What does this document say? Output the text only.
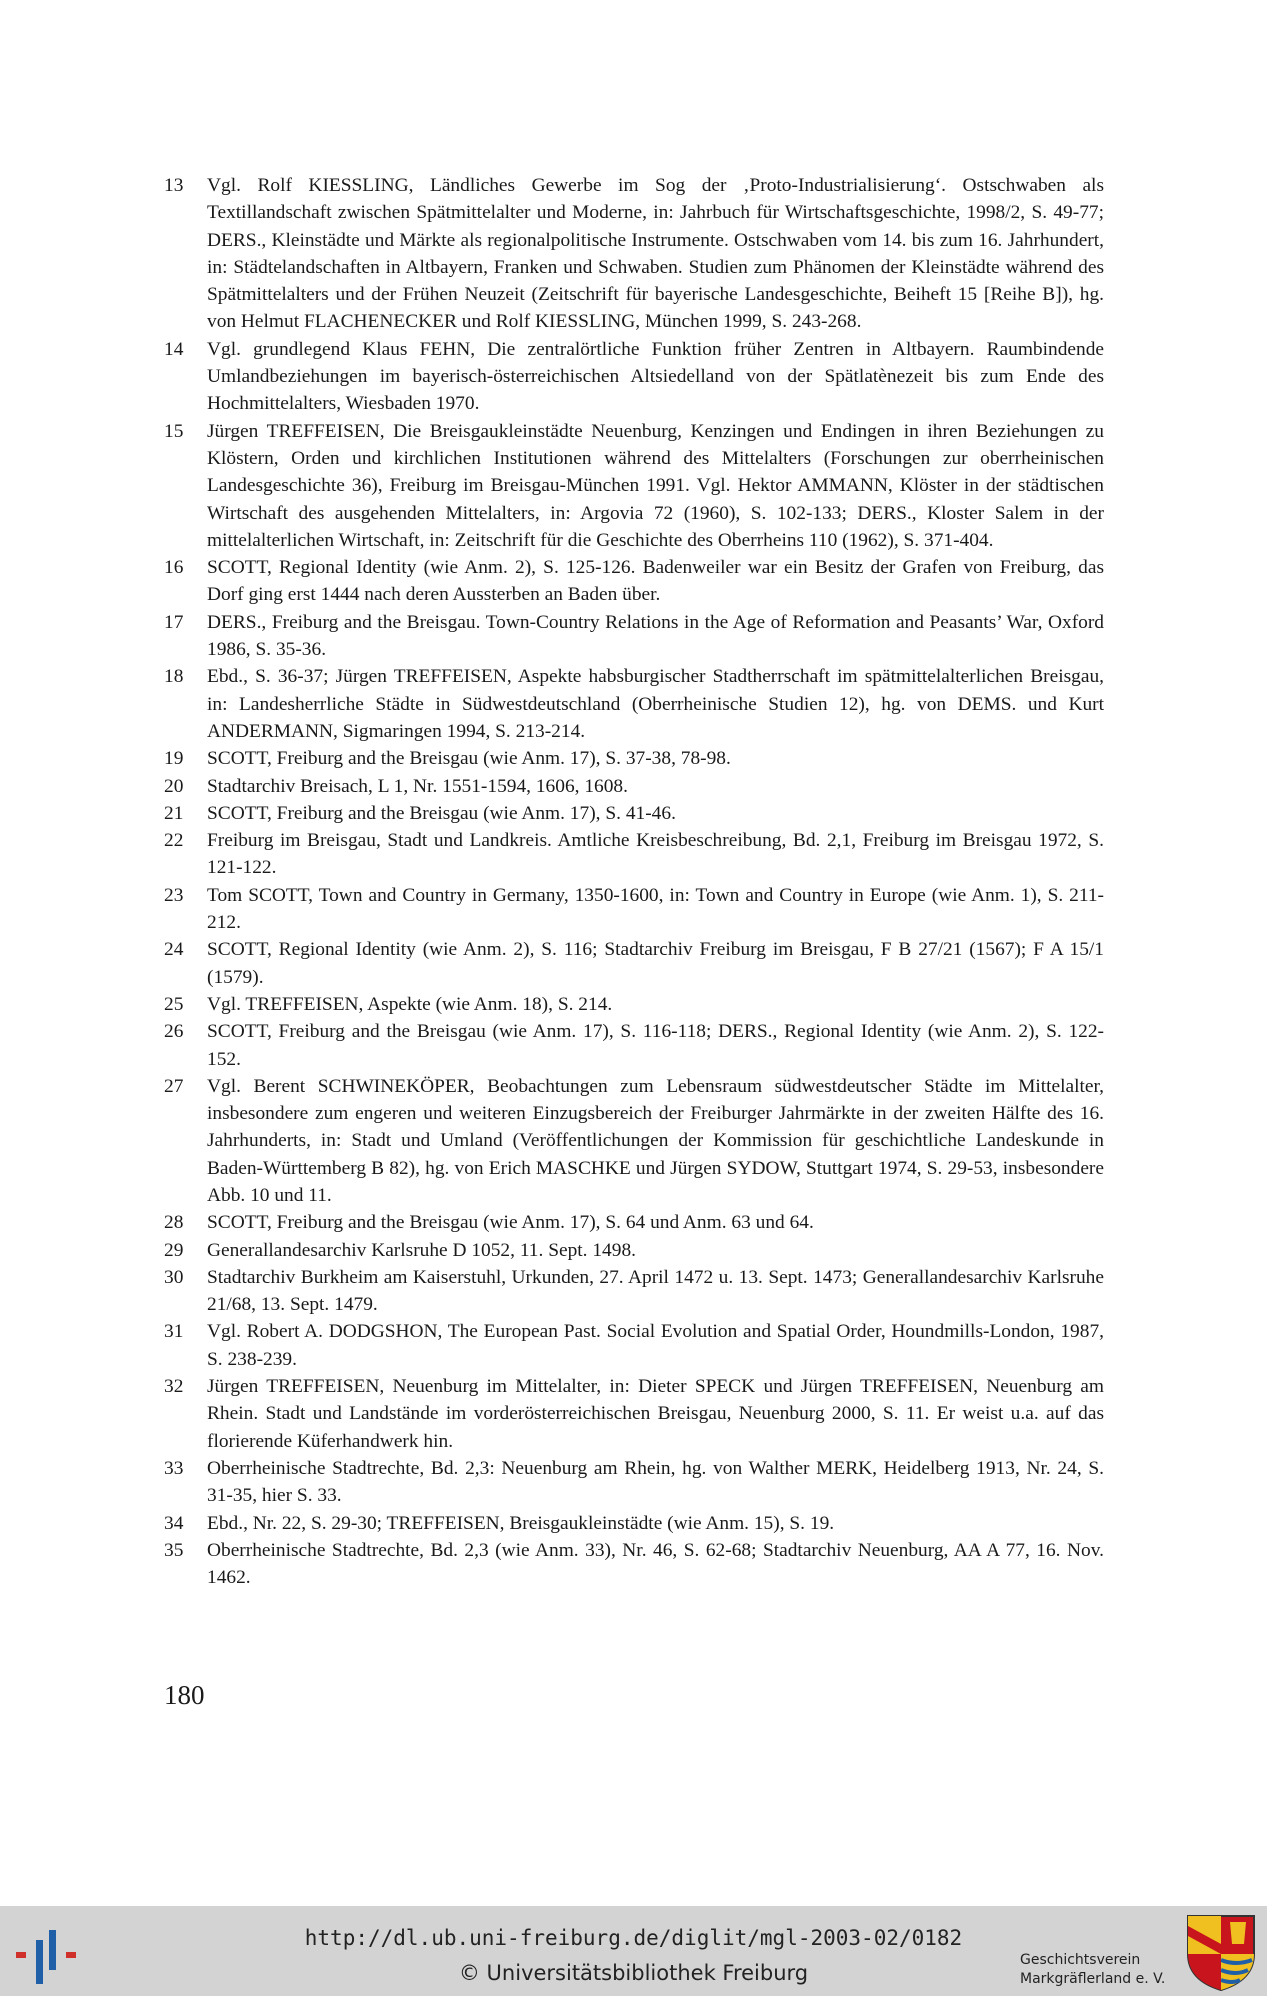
13 Vgl. Rolf KIESSLING, Ländliches Gewerbe im Sog der ‚Proto-Industrialisierung‘. Ostschwaben als Textillandschaft zwischen Spätmittelalter und Moderne, in: Jahrbuch für Wirtschaftsgeschichte, 1998/2, S. 49-77; DERS., Kleinstädte und Märkte als regionalpolitische Instrumente. Ostschwaben vom 14. bis zum 16. Jahrhundert, in: Städtelandschaften in Altbayern, Franken und Schwaben. Studien zum Phänomen der Kleinstädte während des Spätmittelalters und der Frühen Neuzeit (Zeitschrift für bayerische Landesgeschichte, Beiheft 15 [Reihe B]), hg. von Helmut FLACHENECKER und Rolf KIESSLING, München 1999, S. 243-268.
14 Vgl. grundlegend Klaus FEHN, Die zentralörtliche Funktion früher Zentren in Altbayern. Raumbindende Umlandbeziehungen im bayerisch-österreichischen Altsiedelland von der Spätlatènezeit bis zum Ende des Hochmittelalters, Wiesbaden 1970.
15 Jürgen TREFFEISEN, Die Breisgaukleinstädte Neuenburg, Kenzingen und Endingen in ihren Beziehungen zu Klöstern, Orden und kirchlichen Institutionen während des Mittelalters (Forschungen zur oberrheinischen Landesgeschichte 36), Freiburg im Breisgau-München 1991. Vgl. Hektor AMMANN, Klöster in der städtischen Wirtschaft des ausgehenden Mittelalters, in: Argovia 72 (1960), S. 102-133; DERS., Kloster Salem in der mittelalterlichen Wirtschaft, in: Zeitschrift für die Geschichte des Oberrheins 110 (1962), S. 371-404.
16 SCOTT, Regional Identity (wie Anm. 2), S. 125-126. Badenweiler war ein Besitz der Grafen von Freiburg, das Dorf ging erst 1444 nach deren Aussterben an Baden über.
17 DERS., Freiburg and the Breisgau. Town-Country Relations in the Age of Reformation and Peasants’ War, Oxford 1986, S. 35-36.
18 Ebd., S. 36-37; Jürgen TREFFEISEN, Aspekte habsburgischer Stadtherrschaft im spätmittelalterlichen Breisgau, in: Landesherrliche Städte in Südwestdeutschland (Oberrheinische Studien 12), hg. von DEMS. und Kurt ANDERMANN, Sigmaringen 1994, S. 213-214.
19 SCOTT, Freiburg and the Breisgau (wie Anm. 17), S. 37-38, 78-98.
20 Stadtarchiv Breisach, L 1, Nr. 1551-1594, 1606, 1608.
21 SCOTT, Freiburg and the Breisgau (wie Anm. 17), S. 41-46.
22 Freiburg im Breisgau, Stadt und Landkreis. Amtliche Kreisbeschreibung, Bd. 2,1, Freiburg im Breisgau 1972, S. 121-122.
23 Tom SCOTT, Town and Country in Germany, 1350-1600, in: Town and Country in Europe (wie Anm. 1), S. 211-212.
24 SCOTT, Regional Identity (wie Anm. 2), S. 116; Stadtarchiv Freiburg im Breisgau, F B 27/21 (1567); F A 15/1 (1579).
25 Vgl. TREFFEISEN, Aspekte (wie Anm. 18), S. 214.
26 SCOTT, Freiburg and the Breisgau (wie Anm. 17), S. 116-118; DERS., Regional Identity (wie Anm. 2), S. 122-152.
27 Vgl. Berent SCHWINEKÖPER, Beobachtungen zum Lebensraum südwestdeutscher Städte im Mittelalter, insbesondere zum engeren und weiteren Einzugsbereich der Freiburger Jahrmärkte in der zweiten Hälfte des 16. Jahrhunderts, in: Stadt und Umland (Veröffentlichungen der Kommission für geschichtliche Landeskunde in Baden-Württemberg B 82), hg. von Erich MASCHKE und Jürgen SYDOW, Stuttgart 1974, S. 29-53, insbesondere Abb. 10 und 11.
28 SCOTT, Freiburg and the Breisgau (wie Anm. 17), S. 64 und Anm. 63 und 64.
29 Generallandesarchiv Karlsruhe D 1052, 11. Sept. 1498.
30 Stadtarchiv Burkheim am Kaiserstuhl, Urkunden, 27. April 1472 u. 13. Sept. 1473; Generallandesarchiv Karlsruhe 21/68, 13. Sept. 1479.
31 Vgl. Robert A. DODGSHON, The European Past. Social Evolution and Spatial Order, Houndmills-London, 1987, S. 238-239.
32 Jürgen TREFFEISEN, Neuenburg im Mittelalter, in: Dieter SPECK und Jürgen TREFFEISEN, Neuenburg am Rhein. Stadt und Landstände im vorderösterreichischen Breisgau, Neuenburg 2000, S. 11. Er weist u.a. auf das florierende Küferhandwerk hin.
33 Oberrheinische Stadtrechte, Bd. 2,3: Neuenburg am Rhein, hg. von Walther MERK, Heidelberg 1913, Nr. 24, S. 31-35, hier S. 33.
34 Ebd., Nr. 22, S. 29-30; TREFFEISEN, Breisgaukleinstädte (wie Anm. 15), S. 19.
35 Oberrheinische Stadtrechte, Bd. 2,3 (wie Anm. 33), Nr. 46, S. 62-68; Stadtarchiv Neuenburg, AA A 77, 16. Nov. 1462.
180
http://dl.ub.uni-freiburg.de/diglit/mgl-2003-02/0182
© Universitätsbibliothek Freiburg
Geschichtsverein
Markgräflerland e. V.
